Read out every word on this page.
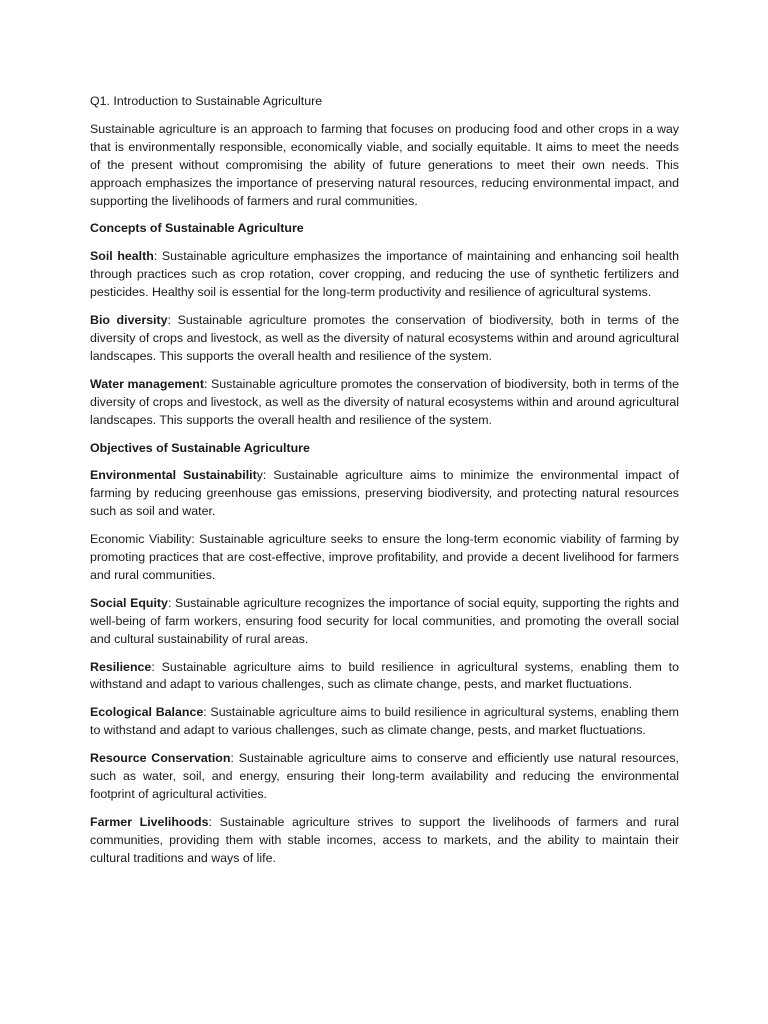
Q1. Introduction to Sustainable Agriculture

Sustainable agriculture is an approach to farming that focuses on producing food and other crops in a way that is environmentally responsible, economically viable, and socially equitable. It aims to meet the needs of the present without compromising the ability of future generations to meet their own needs. This approach emphasizes the importance of preserving natural resources, reducing environmental impact, and supporting the livelihoods of farmers and rural communities.

Concepts of Sustainable Agriculture

Soil health: Sustainable agriculture emphasizes the importance of maintaining and enhancing soil health through practices such as crop rotation, cover cropping, and reducing the use of synthetic fertilizers and pesticides. Healthy soil is essential for the long-term productivity and resilience of agricultural systems.

Bio diversity: Sustainable agriculture promotes the conservation of biodiversity, both in terms of the diversity of crops and livestock, as well as the diversity of natural ecosystems within and around agricultural landscapes. This supports the overall health and resilience of the system.

Water management: Sustainable agriculture promotes the conservation of biodiversity, both in terms of the diversity of crops and livestock, as well as the diversity of natural ecosystems within and around agricultural landscapes. This supports the overall health and resilience of the system.

Objectives of Sustainable Agriculture

Environmental Sustainability: Sustainable agriculture aims to minimize the environmental impact of farming by reducing greenhouse gas emissions, preserving biodiversity, and protecting natural resources such as soil and water.

Economic Viability: Sustainable agriculture seeks to ensure the long-term economic viability of farming by promoting practices that are cost-effective, improve profitability, and provide a decent livelihood for farmers and rural communities.

Social Equity: Sustainable agriculture recognizes the importance of social equity, supporting the rights and well-being of farm workers, ensuring food security for local communities, and promoting the overall social and cultural sustainability of rural areas.

Resilience: Sustainable agriculture aims to build resilience in agricultural systems, enabling them to withstand and adapt to various challenges, such as climate change, pests, and market fluctuations.

Ecological Balance: Sustainable agriculture aims to build resilience in agricultural systems, enabling them to withstand and adapt to various challenges, such as climate change, pests, and market fluctuations.

Resource Conservation: Sustainable agriculture aims to conserve and efficiently use natural resources, such as water, soil, and energy, ensuring their long-term availability and reducing the environmental footprint of agricultural activities.

Farmer Livelihoods: Sustainable agriculture strives to support the livelihoods of farmers and rural communities, providing them with stable incomes, access to markets, and the ability to maintain their cultural traditions and ways of life.
